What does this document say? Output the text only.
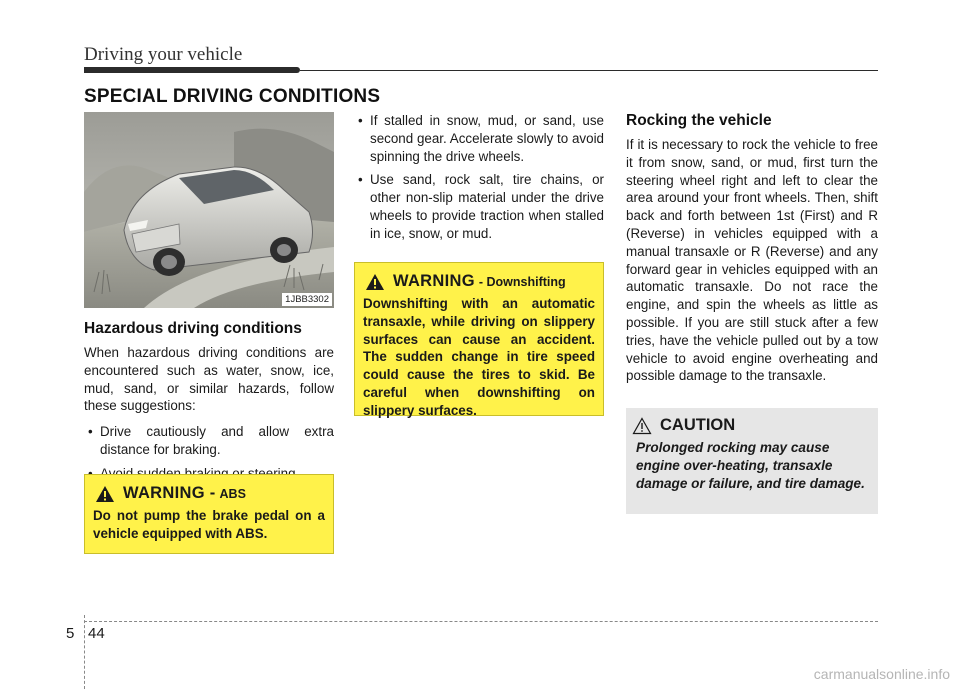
Driving your vehicle
SPECIAL DRIVING CONDITIONS
1JBB3302
Hazardous driving conditions

When hazardous driving conditions are encountered such as water, snow, ice, mud, sand, or similar hazards, follow these suggestions:

• Drive cautiously and allow extra distance for braking.
•
WARNING - ABS
Do not pump the brake pedal on a vehicle equipped with ABS.
• If stalled in snow, mud, or sand, use second gear. Accelerate slowly to avoid spinning the drive wheels.
• Use sand, rock salt, tire chains, or other non-slip material under the drive wheels to provide traction when stalled in ice, snow, or mud.
WARNING - Downshifting
Downshifting with an automatic transaxle, while driving on slippery surfaces can cause an accident. The sudden change in tire speed could cause the tires to skid. Be careful when downshifting on slippery surfaces.
Rocking the vehicle

If it is necessary to rock the vehicle to free it from snow, sand, or mud, first turn the steering wheel right and left to clear the area around your front wheels. Then, shift back and forth between 1st (First) and R (Reverse) in vehicles equipped with a manual transaxle or R (Reverse) and any forward gear in vehicles equipped with an automatic transaxle. Do not race the engine, and spin the wheels as little as possible. If you are still stuck after a few tries, have the vehicle pulled out by a tow vehicle to avoid engine overheating and possible damage to the transaxle.

CAUTION
Prolonged rocking may cause engine over-heating, transaxle damage or failure, and tire damage.
5 44
carmanualsonline.info
